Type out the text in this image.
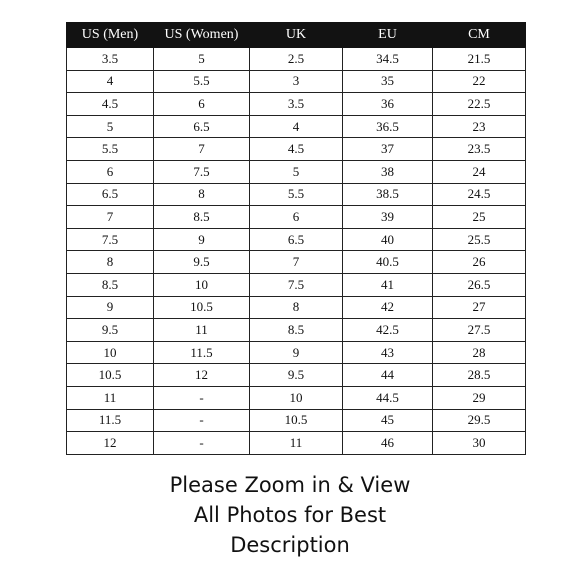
US (Men)	US (Women)	UK	EU	CM
3.5	5	2.5	34.5	21.5
4	5.5	3	35	22
4.5	6	3.5	36	22.5
5	6.5	4	36.5	23
5.5	7	4.5	37	23.5
6	7.5	5	38	24
6.5	8	5.5	38.5	24.5
7	8.5	6	39	25
7.5	9	6.5	40	25.5
8	9.5	7	40.5	26
8.5	10	7.5	41	26.5
9	10.5	8	42	27
9.5	11	8.5	42.5	27.5
10	11.5	9	43	28
10.5	12	9.5	44	28.5
11	-	10	44.5	29
11.5	-	10.5	45	29.5
12	-	11	46	30
Please Zoom in & View
All Photos for Best
Description
